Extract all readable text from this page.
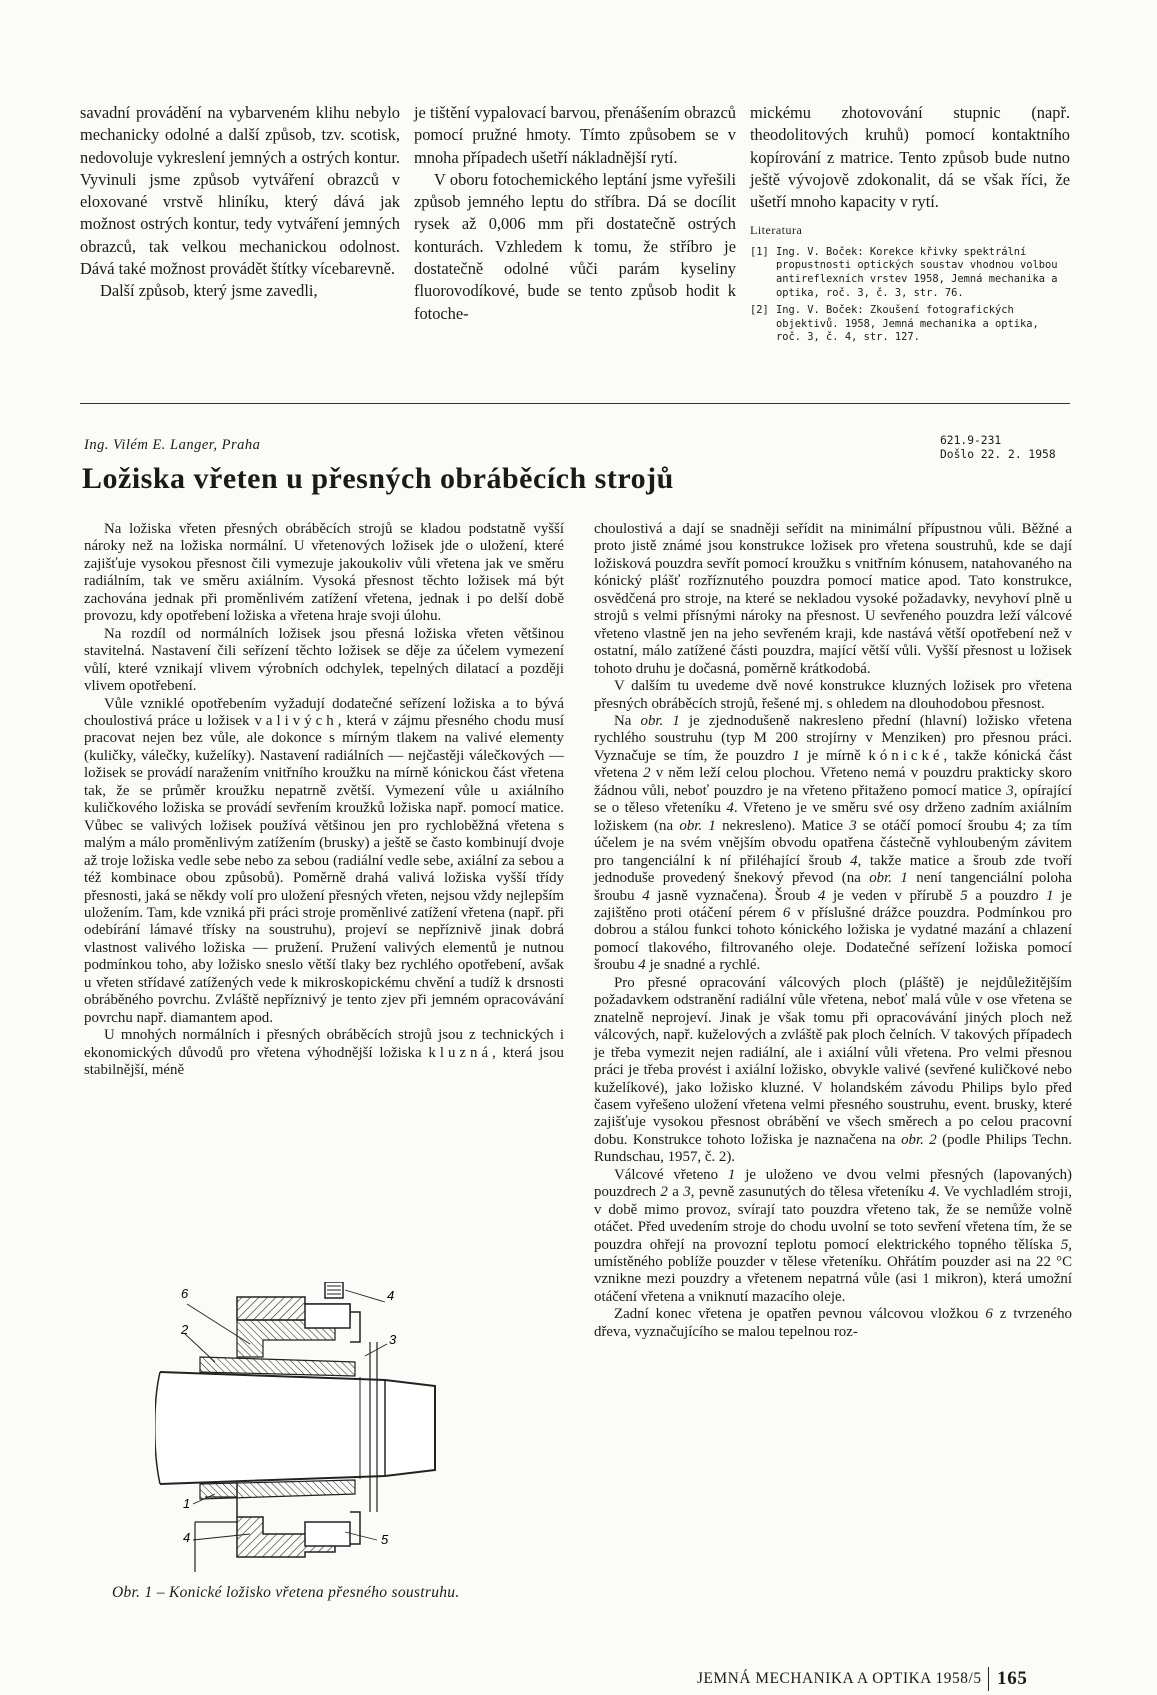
savadní provádění na vybarveném klihu nebylo mechanicky odolné a další způsob, tzv. scotisk, nedovoluje vykreslení jemných a ostrých kontur. Vyvinuli jsme způsob vytváření obrazců v eloxované vrstvě hliníku, který dává jak možnost ostrých kontur, tedy vytváření jemných obrazců, tak velkou mechanickou odolnost. Dává také možnost provádět štítky vícebarevně.

Další způsob, který jsme zavedli,

je tištění vypalovací barvou, přenášením obrazců pomocí pružné hmoty. Tímto způsobem se v mnoha případech ušetří nákladnější rytí.

V oboru fotochemického leptání jsme vyřešili způsob jemného leptu do stříbra. Dá se docílit rysek až 0,006 mm při dostatečně ostrých konturách. Vzhledem k tomu, že stříbro je dostatečně odolné vůči parám kyseliny fluorovodíkové, bude se tento způsob hodit k fotoche-

mickému zhotovování stupnic (např. theodolitových kruhů) pomocí kontaktního kopírování z matrice. Tento způsob bude nutno ještě vývojově zdokonalit, dá se však říci, že ušetří mnoho kapacity v rytí.

Literatura
[1] Ing. V. Boček: Korekce křivky spektrální propustnosti optických soustav vhodnou volbou antireflexních vrstev 1958, Jemná mechanika a optika, roč. 3, č. 3, str. 76.
[2] Ing. V. Boček: Zkoušení fotografických objektivů. 1958, Jemná mechanika a optika, roč. 3, č. 4, str. 127.
Ing. Vilém E. Langer, Praha	621.9-231
Došlo 22. 2. 1958
Ložiska vřeten u přesných obráběcích strojů

Na ložiska vřeten přesných obráběcích strojů se kladou podstatně vyšší nároky než na ložiska normální. U vřetenových ložisek jde o uložení, které zajišťuje vysokou přesnost čili vymezuje jakoukoliv vůli vřetena jak ve směru radiálním, tak ve směru axiálním. Vysoká přesnost těchto ložisek má být zachována jednak při proměnlivém zatížení vřetena, jednak i po delší době provozu, kdy opotřebení ložiska a vřetena hraje svoji úlohu.

Na rozdíl od normálních ložisek jsou přesná ložiska vřeten většinou stavitelná. Nastavení čili seřízení těchto ložisek se děje za účelem vymezení vůlí, které vznikají vlivem výrobních odchylek, tepelných dilatací a později vlivem opotřebení.

Vůle vzniklé opotřebením vyžadují dodatečné seřízení ložiska a to bývá choulostivá práce u ložisek valivých, která v zájmu přesného chodu musí pracovat nejen bez vůle, ale dokonce s mírným tlakem na valivé elementy (kuličky, válečky, kuželíky). Nastavení radiálních — nejčastěji válečkových — ložisek se provádí naražením vnitřního kroužku na mírně kónickou část vřetena tak, že se průměr kroužku nepatrně zvětší. Vymezení vůle u axiálního kuličkového ložiska se provádí sevřením kroužků ložiska např. pomocí matice. Vůbec se valivých ložisek používá většinou jen pro rychloběžná vřetena s malým a málo proměnlivým zatížením (brusky) a ještě se často kombinují dvoje až troje ložiska vedle sebe nebo za sebou (radiální vedle sebe, axiální za sebou a též kombinace obou způsobů). Poměrně drahá valivá ložiska vyšší třídy přesnosti, jaká se někdy volí pro uložení přesných vřeten, nejsou vždy nejlepším uložením. Tam, kde vzniká při práci stroje proměnlivé zatížení vřetena (např. při odebírání lámavé třísky na soustruhu), projeví se nepříznivě jinak dobrá vlastnost valivého ložiska — pružení. Pružení valivých elementů je nutnou podmínkou toho, aby ložisko sneslo větší tlaky bez rychlého opotřebení, avšak u vřeten střídavé zatížených vede k mikroskopickému chvění a tudíž k drsnosti obráběného povrchu. Zvláště nepříznivý je tento zjev při jemném opracovávání povrchu např. diamantem apod.

U mnohých normálních i přesných obráběcích strojů jsou z technických i ekonomických důvodů pro vřetena výhodnější ložiska kluzná, která jsou stabilnější, méně

6
2
4
3
1
4	5
Obr. 1 – Konické ložisko vřetena přesného soustruhu.

choulostivá a dají se snadněji seřídit na minimální přípustnou vůli. Běžné a proto jistě známé jsou konstrukce ložisek pro vřetena soustruhů, kde se dají ložisková pouzdra sevřít pomocí kroužku s vnitřním kónusem, natahovaného na kónický plášť rozříznutého pouzdra pomocí matice apod. Tato konstrukce, osvědčená pro stroje, na které se nekladou vysoké požadavky, nevyhoví plně u strojů s velmi přísnými nároky na přesnost. U sevřeného pouzdra leží válcové vřeteno vlastně jen na jeho sevřeném kraji, kde nastává větší opotřebení než v ostatní, málo zatížené části pouzdra, mající větší vůli. Vyšší přesnost u ložisek tohoto druhu je dočasná, poměrně krátkodobá.

V dalším tu uvedeme dvě nové konstrukce kluzných ložisek pro vřetena přesných obráběcích strojů, řešené mj. s ohledem na dlouhodobou přesnost.

Na obr. 1 je zjednodušeně nakresleno přední (hlavní) ložisko vřetena rychlého soustruhu (typ M 200 strojírny v Menziken) pro přesnou práci. Vyznačuje se tím, že pouzdro 1 je mírně kónické, takže kónická část vřetena 2 v něm leží celou plochou. Vřeteno nemá v pouzdru prakticky skoro žádnou vůli, neboť pouzdro je na vřeteno přitaženo pomocí matice 3, opírající se o těleso vřeteníku 4. Vřeteno je ve směru své osy drženo zadním axiálním ložiskem (na obr. 1 nekresleno). Matice 3 se otáčí pomocí šroubu 4; za tím účelem je na svém vnějším obvodu opatřena částečně vyhloubeným závitem pro tangenciální k ní přiléhající šroub 4, takže matice a šroub zde tvoří jednoduše provedený šnekový převod (na obr. 1 není tangenciální poloha šroubu 4 jasně vyznačena). Šroub 4 je veden v přírubě 5 a pouzdro 1 je zajištěno proti otáčení pérem 6 v příslušné drážce pouzdra. Podmínkou pro dobrou a stálou funkci tohoto kónického ložiska je vydatné mazání a chlazení pomocí tlakového, filtrovaného oleje. Dodatečné seřízení ložiska pomocí šroubu 4 je snadné a rychlé.

Pro přesné opracování válcových ploch (pláště) je nejdůležitějším požadavkem odstranění radiální vůle vřetena, neboť malá vůle v ose vřetena se znatelně neprojeví. Jinak je však tomu při opracovávání jiných ploch než válcových, např. kuželových a zvláště pak ploch čelních. V takových případech je třeba vymezit nejen radiální, ale i axiální vůli vřetena. Pro velmi přesnou práci je třeba provést i axiální ložisko, obvykle valivé (sevřené kuličkové nebo kuželíkové), jako ložisko kluzné. V holandském závodu Philips bylo před časem vyřešeno uložení vřetena velmi přesného soustruhu, event. brusky, které zajišťuje vysokou přesnost obrábění ve všech směrech a po celou pracovní dobu. Konstrukce tohoto ložiska je naznačena na obr. 2 (podle Philips Techn. Rundschau, 1957, č. 2).

Válcové vřeteno 1 je uloženo ve dvou velmi přesných (lapovaných) pouzdrech 2 a 3, pevně zasunutých do tělesa vřeteníku 4. Ve vychladlém stroji, v době mimo provoz, svírají tato pouzdra vřeteno tak, že se nemůže volně otáčet. Před uvedením stroje do chodu uvolní se toto sevření vřetena tím, že se pouzdra ohřejí na provozní teplotu pomocí elektrického topného tělíska 5, umístěného poblíže pouzder v tělese vřeteníku. Ohřátím pouzder asi na 22 °C vznikne mezi pouzdry a vřetenem nepatrná vůle (asi 1 mikron), která umožní otáčení vřetena a vniknutí mazacího oleje.

Zadní konec vřetena je opatřen pevnou válcovou vložkou 6 z tvrzeného dřeva, vyznačujícího se malou tepelnou roz-

JEMNÁ MECHANIKA A OPTIKA 1958/5 165
